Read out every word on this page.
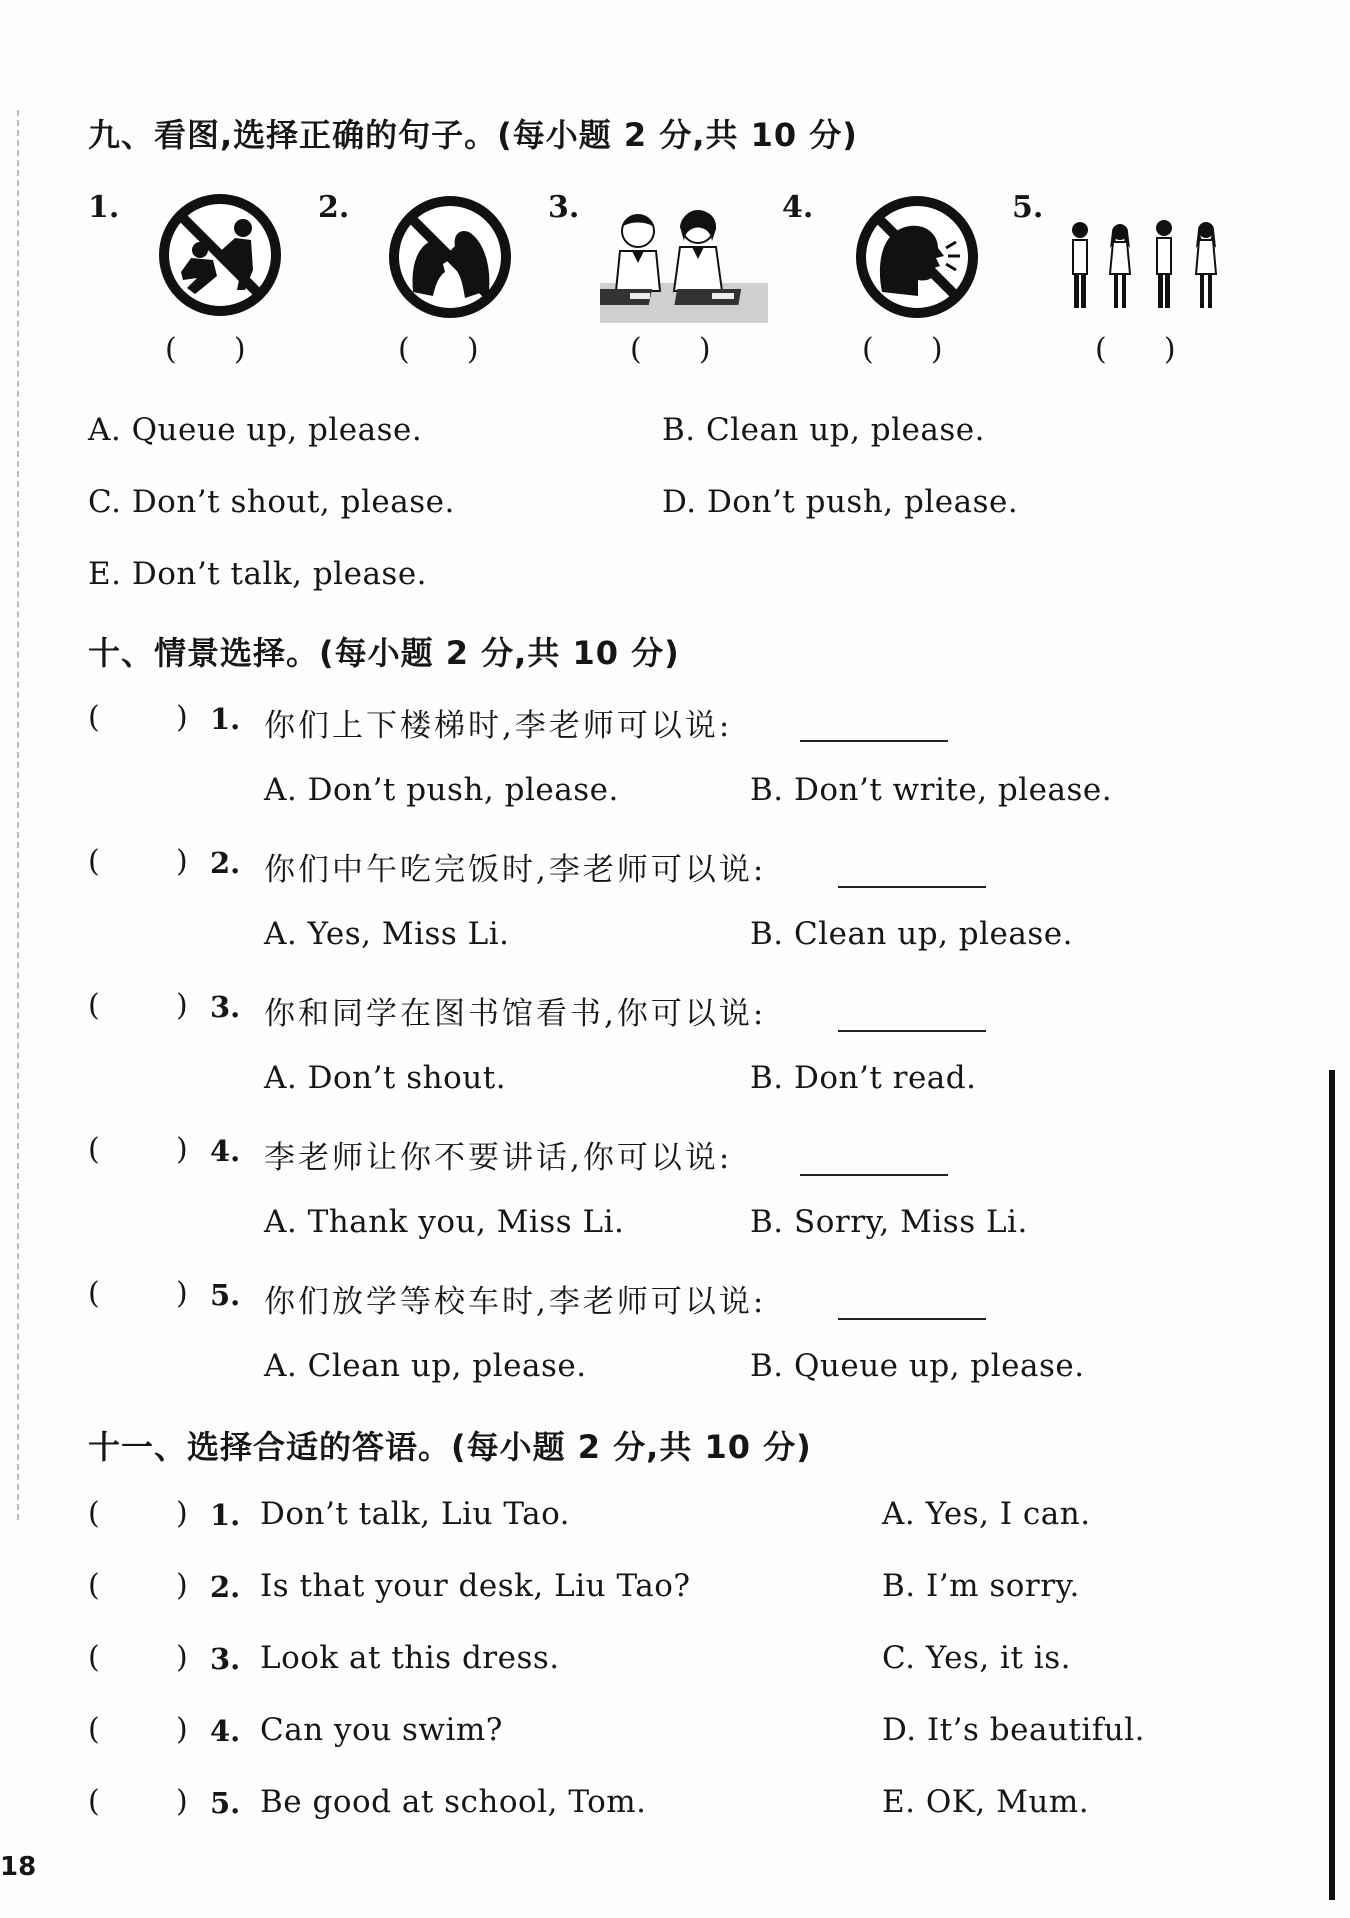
九、看图,选择正确的句子。(每小题 2 分,共 10 分)
1.	2.	3.	4.	5.
(      )	(      )	(      )	(      )	(      )
A. Queue up, please.	B. Clean up, please.
C. Don’t shout, please.	D. Don’t push, please.
E. Don’t talk, please.
十、情景选择。(每小题 2 分,共 10 分)
(        ) 1. 你们上下楼梯时,李老师可以说:
A. Don’t push, please.	B. Don’t write, please.
(        ) 2. 你们中午吃完饭时,李老师可以说:
A. Yes, Miss Li.	B. Clean up, please.
(        ) 3. 你和同学在图书馆看书,你可以说:
A. Don’t shout.	B. Don’t read.
(        ) 4. 李老师让你不要讲话,你可以说:
A. Thank you, Miss Li.	B. Sorry, Miss Li.
(        ) 5. 你们放学等校车时,李老师可以说:
A. Clean up, please.	B. Queue up, please.
十一、选择合适的答语。(每小题 2 分,共 10 分)
(        ) 1. Don’t talk, Liu Tao.	A. Yes, I can.
(        ) 2. Is that your desk, Liu Tao?	B. I’m sorry.
(        ) 3. Look at this dress.	C. Yes, it is.
(        ) 4. Can you swim?	D. It’s beautiful.
(        ) 5. Be good at school, Tom.	E. OK, Mum.
18
